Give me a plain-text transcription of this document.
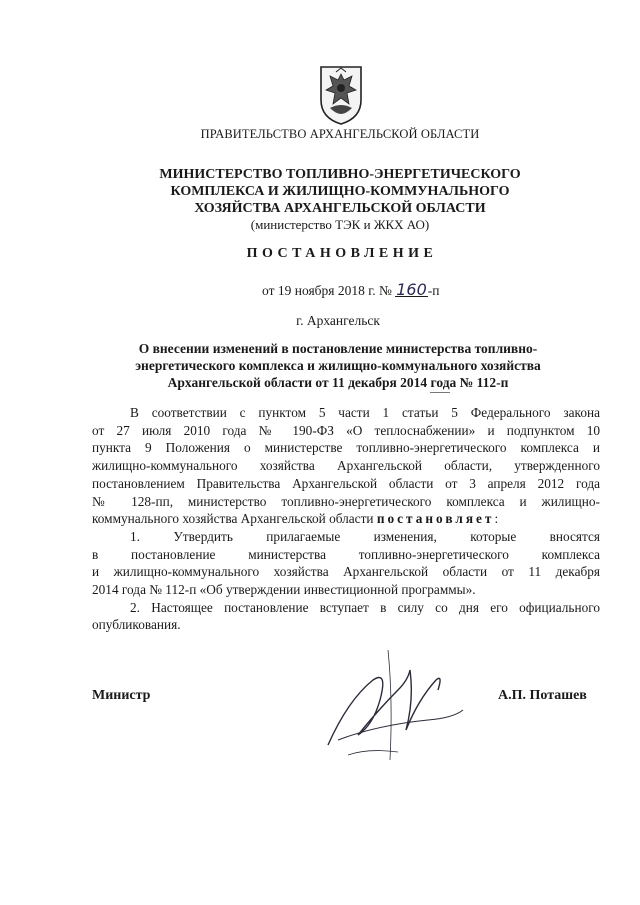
ПРАВИТЕЛЬСТВО АРХАНГЕЛЬСКОЙ ОБЛАСТИ
МИНИСТЕРСТВО ТОПЛИВНО-ЭНЕРГЕТИЧЕСКОГО
КОМПЛЕКСА И ЖИЛИЩНО-КОММУНАЛЬНОГО
ХОЗЯЙСТВА АРХАНГЕЛЬСКОЙ ОБЛАСТИ
(министерство ТЭК и ЖКХ АО)
ПОСТАНОВЛЕНИЕ
от 19 ноября 2018 г. № 160-п
г. Архангельск
О внесении изменений в постановление министерства топливно-
энергетического комплекса и жилищно-коммунального хозяйства
Архангельской области от 11 декабря 2014 года № 112-п
В соответствии с пунктом 5 части 1 статьи 5 Федерального закона
от 27 июля 2010 года № 190-ФЗ «О теплоснабжении» и подпунктом 10
пункта 9 Положения о министерстве топливно-энергетического комплекса и
жилищно-коммунального хозяйства Архангельской области, утвержденного
постановлением Правительства Архангельской области от 3 апреля 2012 года
№ 128-пп, министерство топливно-энергетического комплекса и жилищно-
коммунального хозяйства Архангельской области постановляет:
1. Утвердить прилагаемые изменения, которые вносятся
в постановление министерства топливно-энергетического комплекса
и жилищно-коммунального хозяйства Архангельской области от 11 декабря
2014 года № 112-п «Об утверждении инвестиционной программы».
2. Настоящее постановление вступает в силу со дня его официального
опубликования.
Министр	А.П. Поташев
